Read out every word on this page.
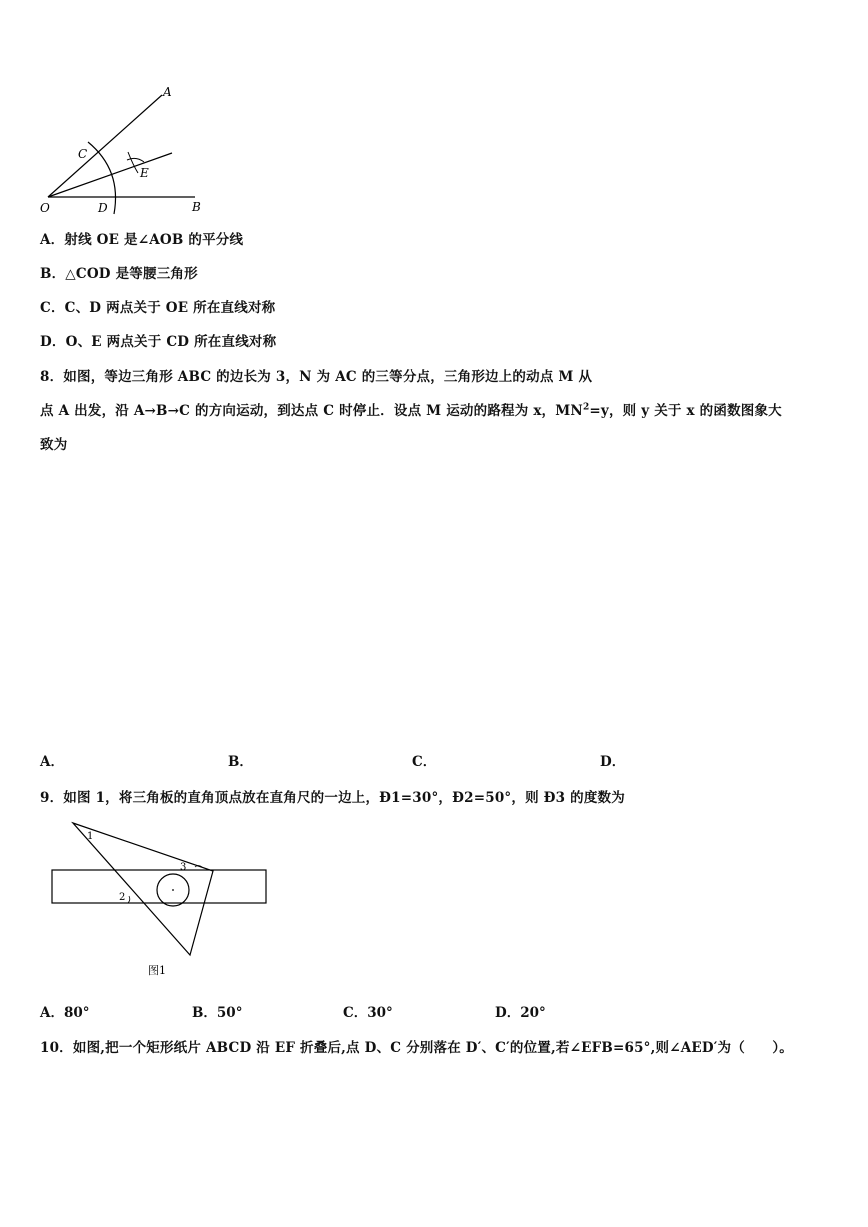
A
B
C
D
E
O
A．射线 OE 是∠AOB 的平分线
B．△COD 是等腰三角形
C．C、D 两点关于 OE 所在直线对称
D．O、E 两点关于 CD 所在直线对称
8．如图，等边三角形 ABC 的边长为 3，N 为 AC 的三等分点，三角形边上的动点 M 从
点 A 出发，沿 A→B→C 的方向运动，到达点 C 时停止．设点 M 运动的路程为 x，$MN^2=y$，则 y 关于 x 的函数图象大
致为
A．	B．	C．	D．
9．如图 1，将三角板的直角顶点放在直角尺的一边上，Ð1=30°，Ð2=50°，则 Ð3 的度数为
1
2
3
图1
A．80°	B．50°	C．30°	D．20°
10．如图,把一个矩形纸片 ABCD 沿 EF 折叠后,点 D、C 分别落在 D′、C′的位置,若∠EFB=65°,则∠AED′为（　　）。
